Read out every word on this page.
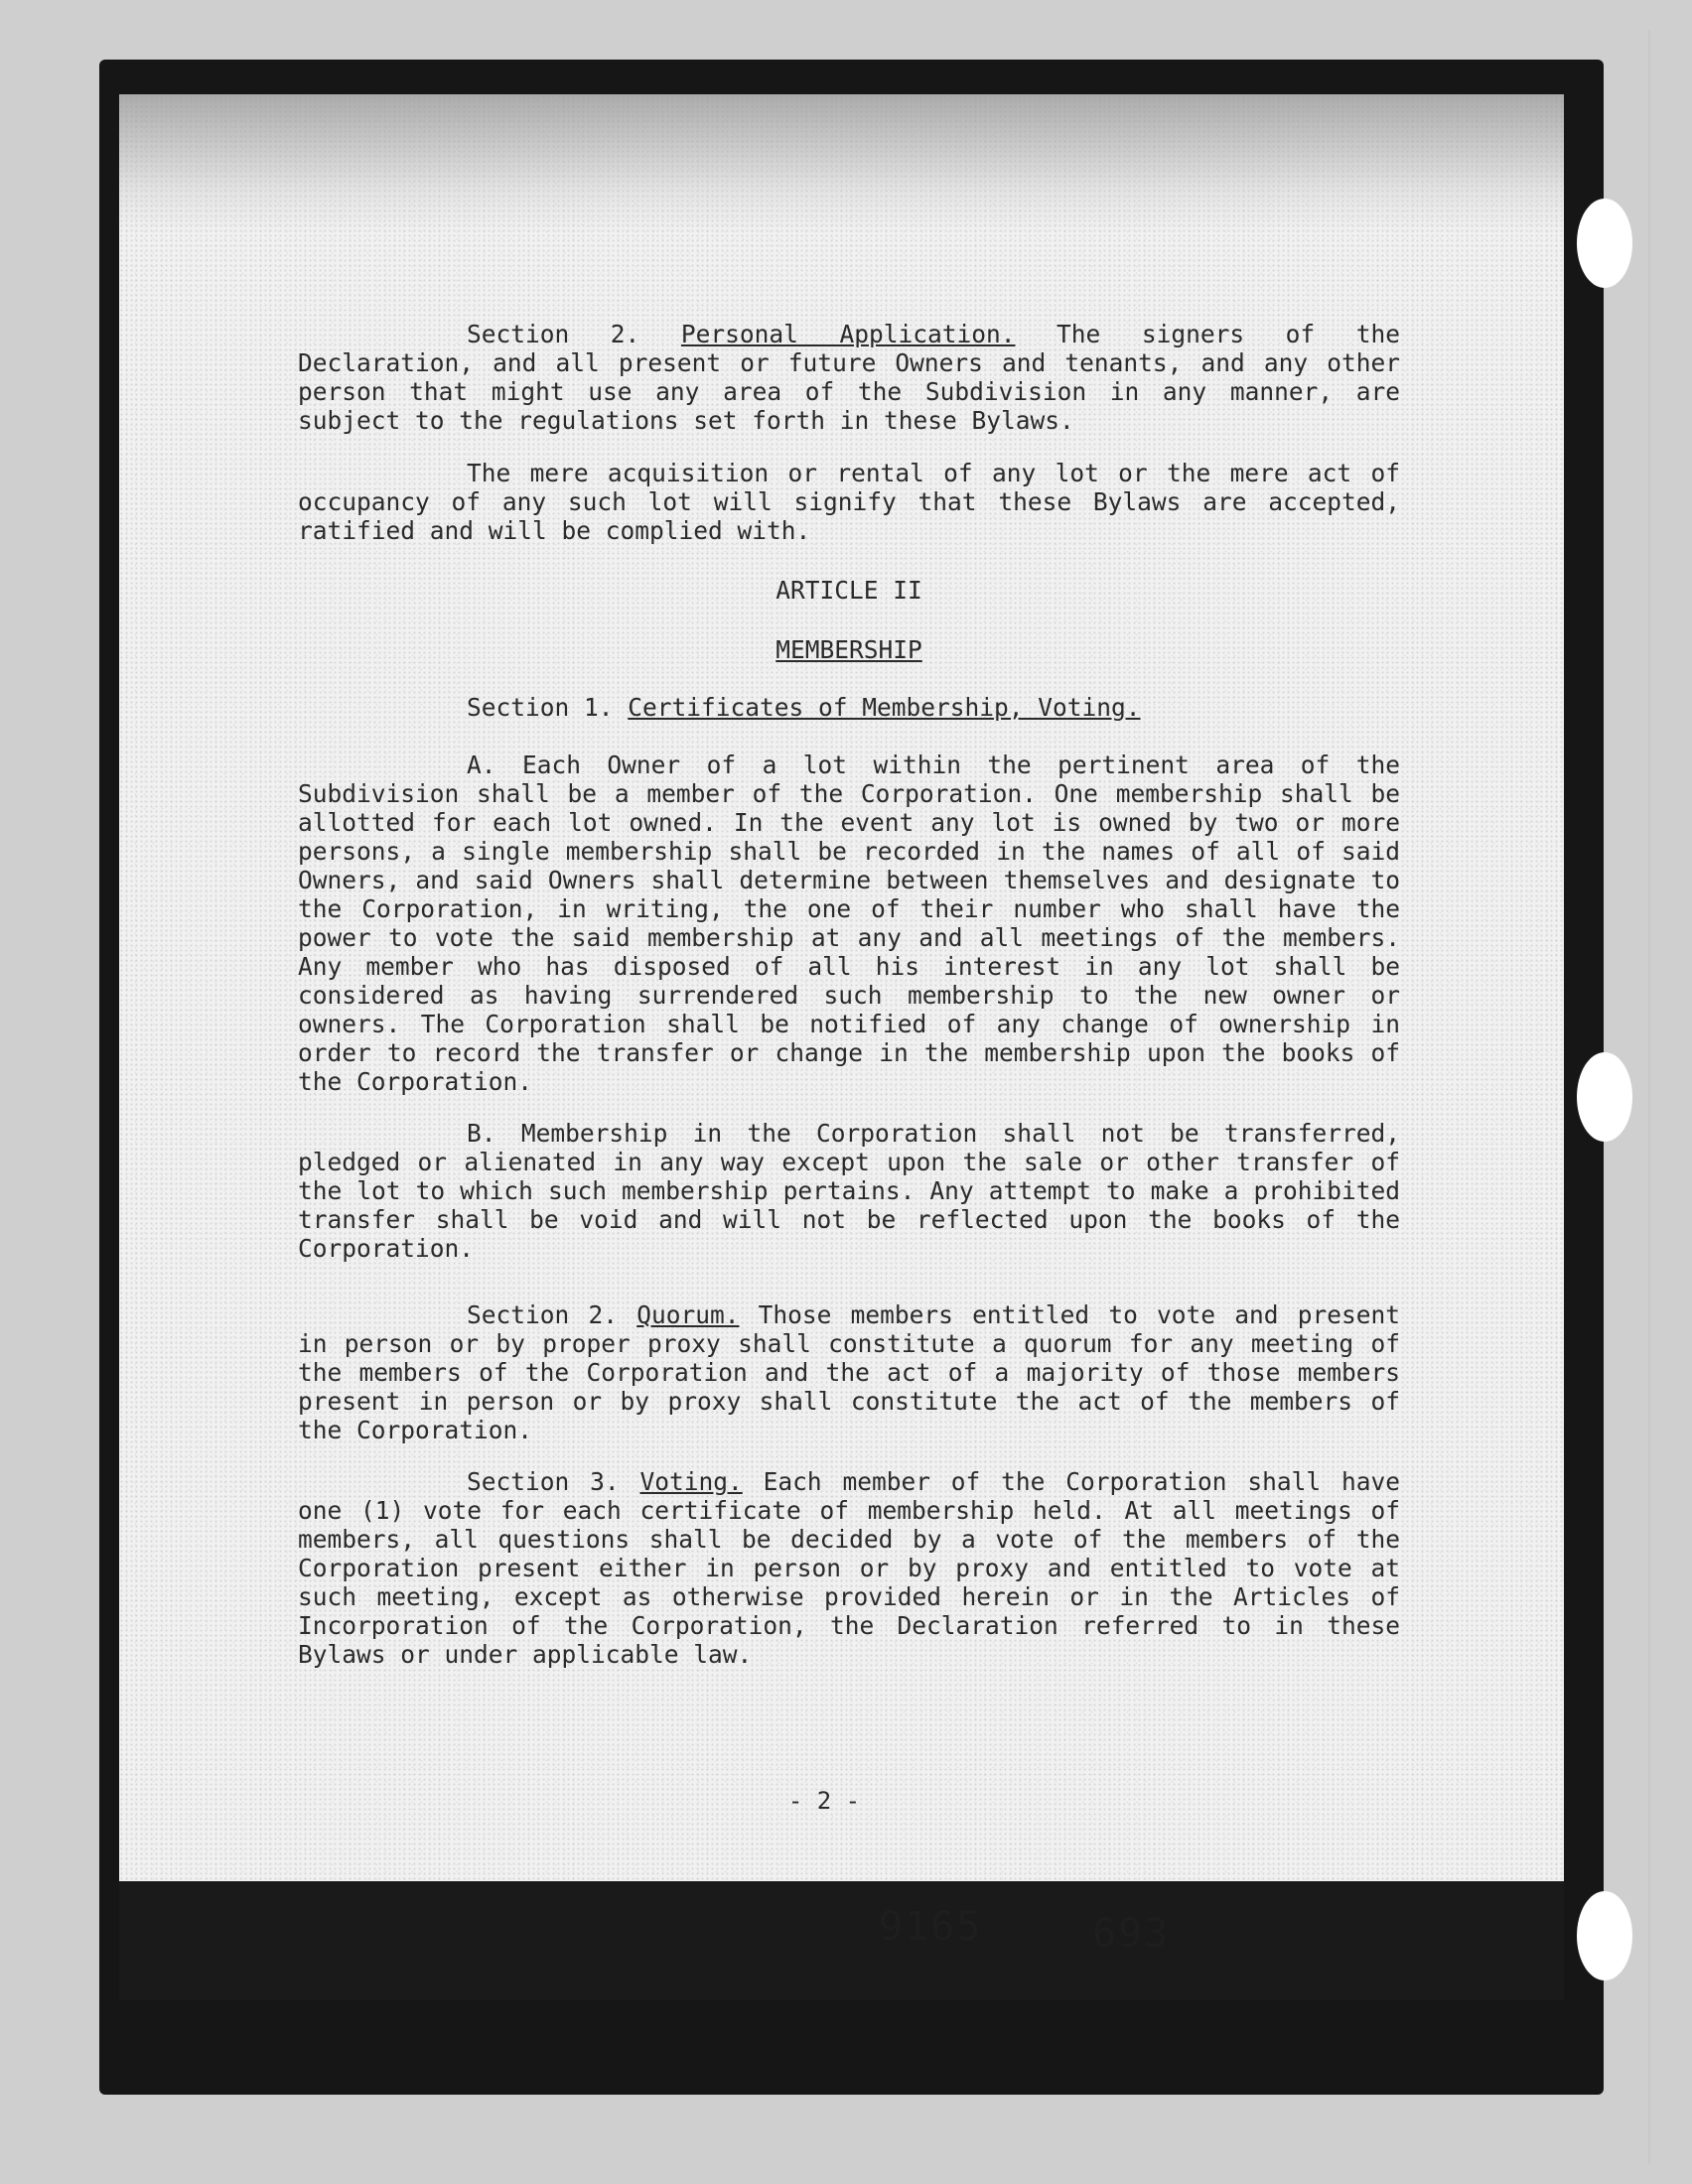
Section 2. Personal Application. The signers of the Declaration, and all present or future Owners and tenants, and any other person that might use any area of the Subdivision in any manner, are subject to the regulations set forth in these Bylaws.

The mere acquisition or rental of any lot or the mere act of occupancy of any such lot will signify that these Bylaws are accepted, ratified and will be complied with.

ARTICLE II
MEMBERSHIP

Section 1. Certificates of Membership, Voting.

A. Each Owner of a lot within the pertinent area of the Subdivision shall be a member of the Corporation. One membership shall be allotted for each lot owned. In the event any lot is owned by two or more persons, a single membership shall be recorded in the names of all of said Owners, and said Owners shall determine between themselves and designate to the Corporation, in writing, the one of their number who shall have the power to vote the said membership at any and all meetings of the members. Any member who has disposed of all his interest in any lot shall be considered as having surrendered such membership to the new owner or owners. The Corporation shall be notified of any change of ownership in order to record the transfer or change in the membership upon the books of the Corporation.

B. Membership in the Corporation shall not be transferred, pledged or alienated in any way except upon the sale or other transfer of the lot to which such membership pertains. Any attempt to make a prohibited transfer shall be void and will not be reflected upon the books of the Corporation.

Section 2. Quorum. Those members entitled to vote and present in person or by proper proxy shall constitute a quorum for any meeting of the members of the Corporation and the act of a majority of those members present in person or by proxy shall constitute the act of the members of the Corporation.

Section 3. Voting. Each member of the Corporation shall have one (1) vote for each certificate of membership held. At all meetings of members, all questions shall be decided by a vote of the members of the Corporation present either in person or by proxy and entitled to vote at such meeting, except as otherwise provided herein or in the Articles of Incorporation of the Corporation, the Declaration referred to in these Bylaws or under applicable law.

- 2 -
9165	693
